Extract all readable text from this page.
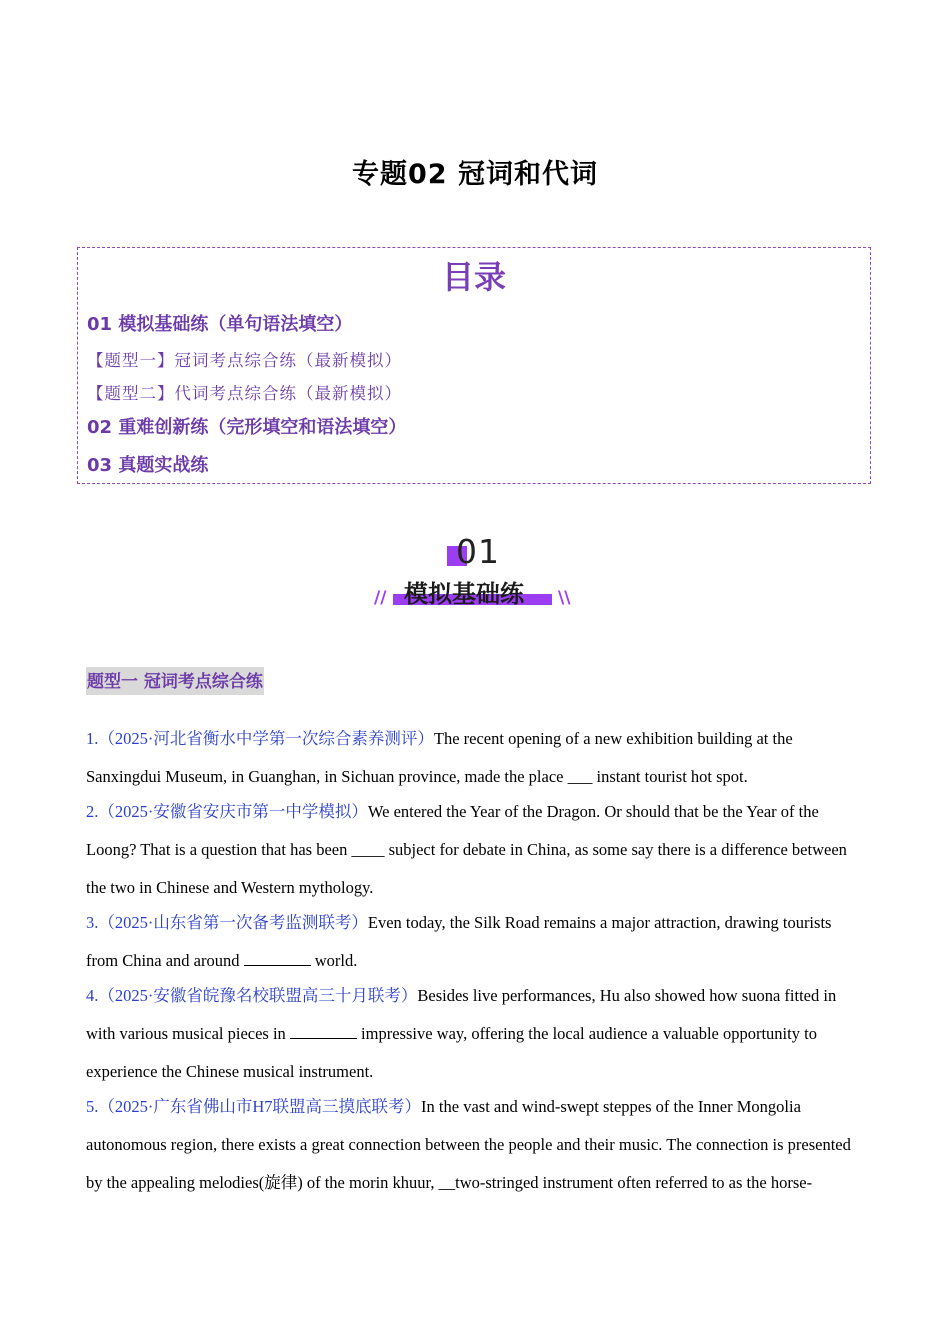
专题02 冠词和代词
目录
01 模拟基础练（单句语法填空）
【题型一】冠词考点综合练（最新模拟）
【题型二】代词考点综合练（最新模拟）
02 重难创新练（完形填空和语法填空）
03 真题实战练
01
模拟基础练
//	\\
题型一 冠词考点综合练
1.（2025·河北省衡水中学第一次综合素养测评）The recent opening of a new exhibition building at the
Sanxingdui Museum, in Guanghan, in Sichuan province, made the place ___ instant tourist hot spot.
2.（2025·安徽省安庆市第一中学模拟）We entered the Year of the Dragon. Or should that be the Year of the
Loong? That is a question that has been ____ subject for debate in China, as some say there is a difference between
the two in Chinese and Western mythology.
3.（2025·山东省第一次备考监测联考）Even today, the Silk Road remains a major attraction, drawing tourists
from China and around	world.
4.（2025·安徽省皖豫名校联盟高三十月联考）Besides live performances, Hu also showed how suona fitted in
with various musical pieces in	impressive way, offering the local audience a valuable opportunity to
experience the Chinese musical instrument.
5.（2025·广东省佛山市H7联盟高三摸底联考）In the vast and wind-swept steppes of the Inner Mongolia
autonomous region, there exists a great connection between the people and their music. The connection is presented
by the appealing melodies(旋律) of the morin khuur, __two-stringed instrument often referred to as the horse-
